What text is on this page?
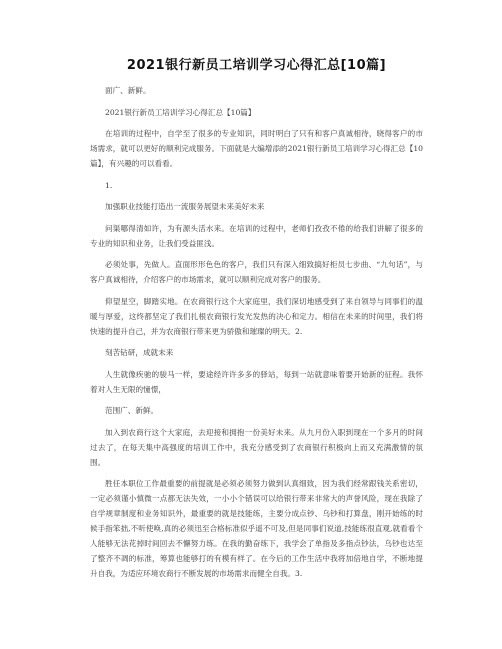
2021银行新员工培训学习心得汇总[10篇]

面广、新鲜。

2021银行新员工培训学习心得汇总【10篇】

在培训的过程中，自学至了很多的专业知识，同时明白了只有和客户真诚相待，晓得客户的市场需求，就可以更好的顺利完成服务。下面就是大编增添的2021银行新员工培训学习心得汇总【10篇】，有兴趣的可以看看。

1.

加强职业技能打造出一流服务展望未来美好未来

问渠哪得清如许，为有源头活水来。在培训的过程中，老师们孜孜不倦的给我们讲解了很多的专业的知识和业务，让我们受益匪浅。

必须处事，先做人。直面形形色色的客户，我们只有深入细致搞好柜员七步曲、“九句话”，与客户真诚相待，介绍客户的市场需求，就可以顺利完成对客户的服务。

仰望星空，脚踏实地。在农商银行这个大家庭里，我们深切地感受到了来自领导与同事们的温暖与厚爱，这终都坚定了我们扎根农商银行发光发热的决心和定力。相信在未来的时间里，我们将快速的提升自己，并为农商银行带来更为骄傲和璀璨的明天。2.

刻苦钻研，成就未来

人生就像疾驰的骏马一样，要途经许许多多的驿站，每到一站就意味着要开始新的征程。我怀着对人生无限的憧憬，

范围广、新鲜。

加入到农商行这个大家庭，去迎接和拥抱一份美好未来。从九月份入职到现在一个多月的时间过去了，在每天集中高强度的培训工作中，我充分感受到了农商银行积极向上而又充满激情的氛围。

胜任本职位工作最重要的前提就是必须必须努力做到认真细致，因为我们经常跟钱关系密切，一定必须谨小慎微一点都无法失效，一小小个错误可以给银行带来非常大的声誉风险，现在我除了自学规章制度和业务知识外，最重要的就是技能练，主要分成点钞、乌钞和打算盘，刚开始练的时候手指笨拙,不听使唤,真的必须迅至合格标准似乎遥不可及,但是同事们说道,技能练很直观,就看看个人能够无法花掉时间回去不懈努力练。在我的勤奋练下，我学会了单指及多指点钞法，乌钞也达至了整齐不凋的标准，筹算也能够打的有模有样了。在今后的工作生活中我将加倍地自学，不断地提升自我，为适应环境农商行不断发展的市场需求而健全自我。3.
